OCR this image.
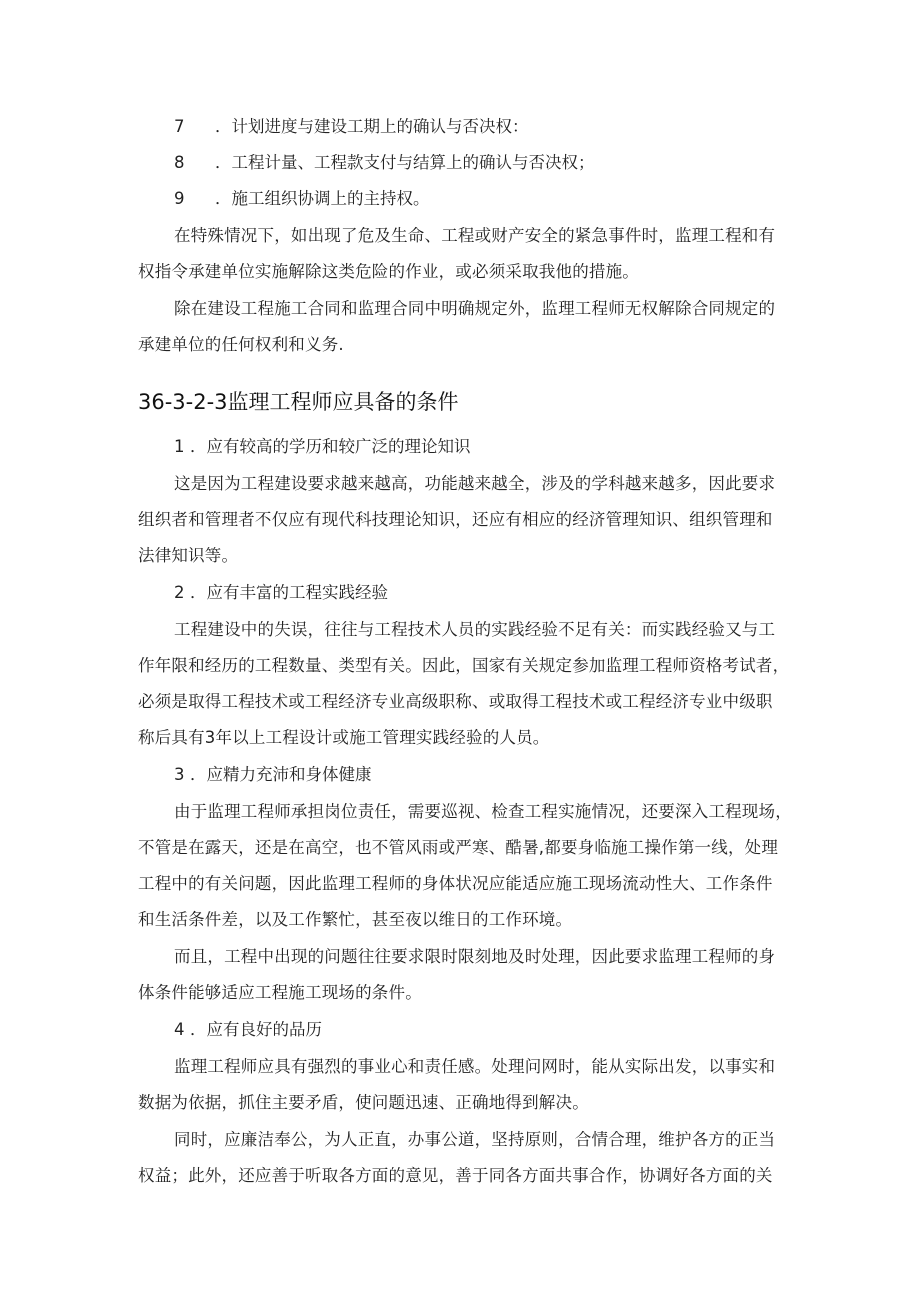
7 ．计划进度与建设工期上的确认与否决权：
8 ．工程计量、工程款支付与结算上的确认与否决权；
9 ．施工组织协调上的主持权。
在特殊情况下，如出现了危及生命、工程或财产安全的紧急事件时，监理工程和有
权指令承建单位实施解除这类危险的作业，或必须采取我他的措施。
除在建设工程施工合同和监理合同中明确规定外，监理工程师无权解除合同规定的
承建单位的任何权利和义务.
36-3-2-3监理工程师应具备的条件
1 ．应有较高的学历和较广泛的理论知识
这是因为工程建设要求越来越高，功能越来越全，涉及的学科越来越多，因此要求
组织者和管理者不仅应有现代科技理论知识，还应有相应的经济管理知识、组织管理和
法律知识等。
2 ．应有丰富的工程实践经验
工程建设中的失误，往往与工程技术人员的实践经验不足有关：而实践经验又与工
作年限和经历的工程数量、类型有关。因此，国家有关规定参加监理工程师资格考试者，
必须是取得工程技术或工程经济专业高级职称、或取得工程技术或工程经济专业中级职
称后具有3年以上工程设计或施工管理实践经验的人员。
3 ．应精力充沛和身体健康
由于监理工程师承担岗位责任，需要巡视、检查工程实施情况，还要深入工程现场，
不管是在露天，还是在高空，也不管风雨或严寒、酷暑,都要身临施工操作第一线，处理
工程中的有关问题，因此监理工程师的身体状况应能适应施工现场流动性大、工作条件
和生活条件差，以及工作繁忙，甚至夜以维日的工作环境。
而且，工程中出现的问题往往要求限时限刻地及时处理，因此要求监理工程师的身
体条件能够适应工程施工现场的条件。
4 ．应有良好的品历
监理工程师应具有强烈的事业心和责任感。处理问网时，能从实际出发，以事实和
数据为依据，抓住主要矛盾，使问题迅速、正确地得到解决。
同时，应廉洁奉公，为人正直，办事公道，坚持原则，合情合理，维护各方的正当
权益；此外，还应善于听取各方面的意见，善于同各方面共事合作，协调好各方面的关
